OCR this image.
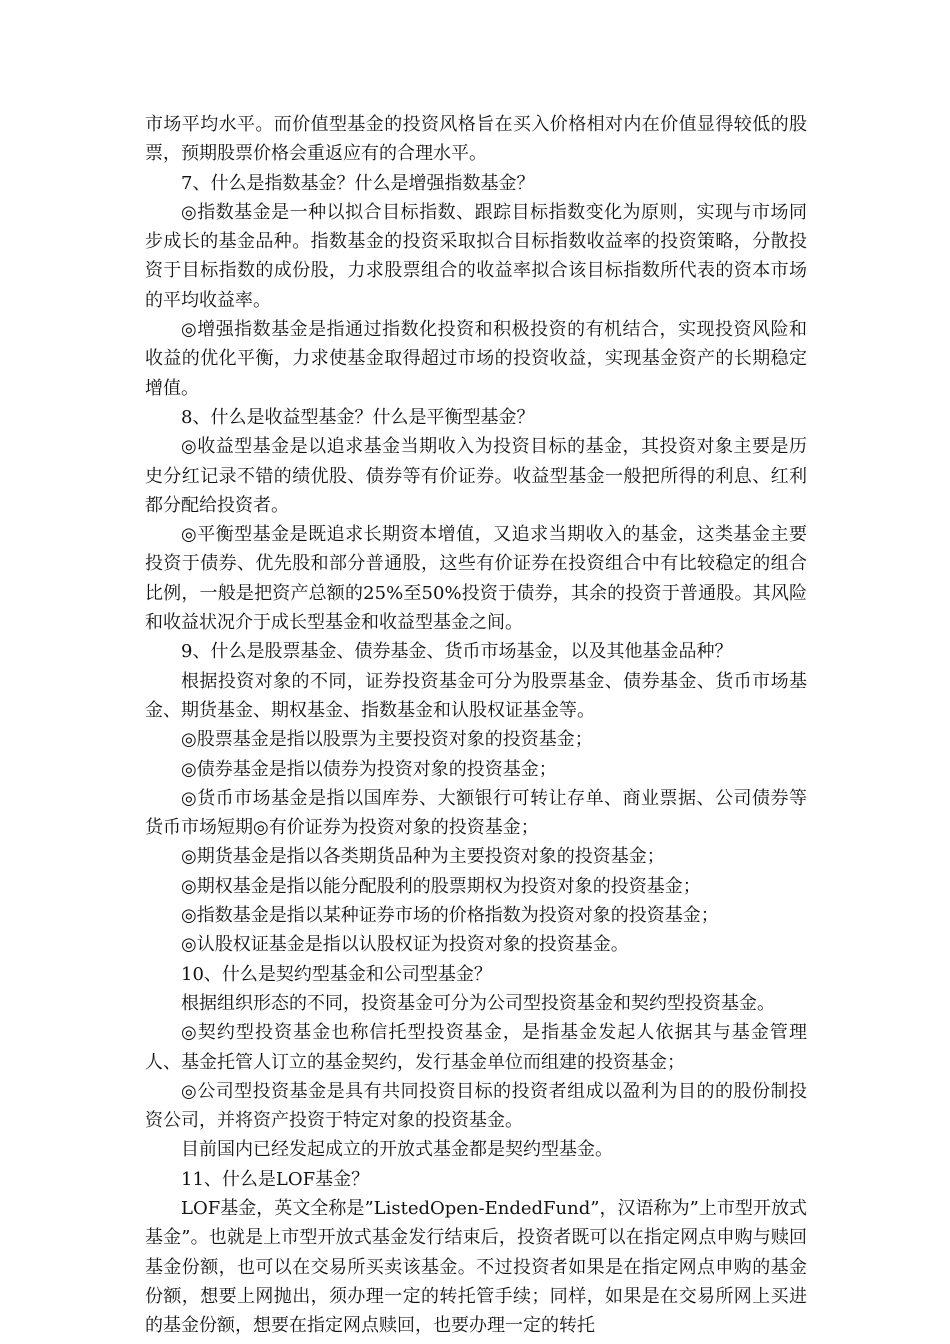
市场平均水平。而价值型基金的投资风格旨在买入价格相对内在价值显得较低的股票，预期股票价格会重返应有的合理水平。

7、什么是指数基金？什么是增强指数基金？

◎指数基金是一种以拟合目标指数、跟踪目标指数变化为原则，实现与市场同步成长的基金品种。指数基金的投资采取拟合目标指数收益率的投资策略，分散投资于目标指数的成份股，力求股票组合的收益率拟合该目标指数所代表的资本市场的平均收益率。

◎增强指数基金是指通过指数化投资和积极投资的有机结合，实现投资风险和收益的优化平衡，力求使基金取得超过市场的投资收益，实现基金资产的长期稳定增值。

8、什么是收益型基金？什么是平衡型基金？

◎收益型基金是以追求基金当期收入为投资目标的基金，其投资对象主要是历史分红记录不错的绩优股、债券等有价证券。收益型基金一般把所得的利息、红利都分配给投资者。

◎平衡型基金是既追求长期资本增值，又追求当期收入的基金，这类基金主要投资于债券、优先股和部分普通股，这些有价证券在投资组合中有比较稳定的组合比例，一般是把资产总额的25%至50%投资于债券，其余的投资于普通股。其风险和收益状况介于成长型基金和收益型基金之间。

9、什么是股票基金、债券基金、货币市场基金，以及其他基金品种？

根据投资对象的不同，证券投资基金可分为股票基金、债券基金、货币市场基金、期货基金、期权基金、指数基金和认股权证基金等。

◎股票基金是指以股票为主要投资对象的投资基金；

◎债券基金是指以债券为投资对象的投资基金；

◎货币市场基金是指以国库券、大额银行可转让存单、商业票据、公司债券等货币市场短期◎有价证券为投资对象的投资基金；

◎期货基金是指以各类期货品种为主要投资对象的投资基金；

◎期权基金是指以能分配股利的股票期权为投资对象的投资基金；

◎指数基金是指以某种证券市场的价格指数为投资对象的投资基金；

◎认股权证基金是指以认股权证为投资对象的投资基金。

10、什么是契约型基金和公司型基金？

根据组织形态的不同，投资基金可分为公司型投资基金和契约型投资基金。

◎契约型投资基金也称信托型投资基金，是指基金发起人依据其与基金管理人、基金托管人订立的基金契约，发行基金单位而组建的投资基金；

◎公司型投资基金是具有共同投资目标的投资者组成以盈利为目的的股份制投资公司，并将资产投资于特定对象的投资基金。

目前国内已经发起成立的开放式基金都是契约型基金。

11、什么是LOF基金？

LOF基金，英文全称是”ListedOpen-EndedFund”，汉语称为”上市型开放式基金”。也就是上市型开放式基金发行结束后，投资者既可以在指定网点申购与赎回基金份额，也可以在交易所买卖该基金。不过投资者如果是在指定网点申购的基金份额，想要上网抛出，须办理一定的转托管手续；同样，如果是在交易所网上买进的基金份额，想要在指定网点赎回，也要办理一定的转托
